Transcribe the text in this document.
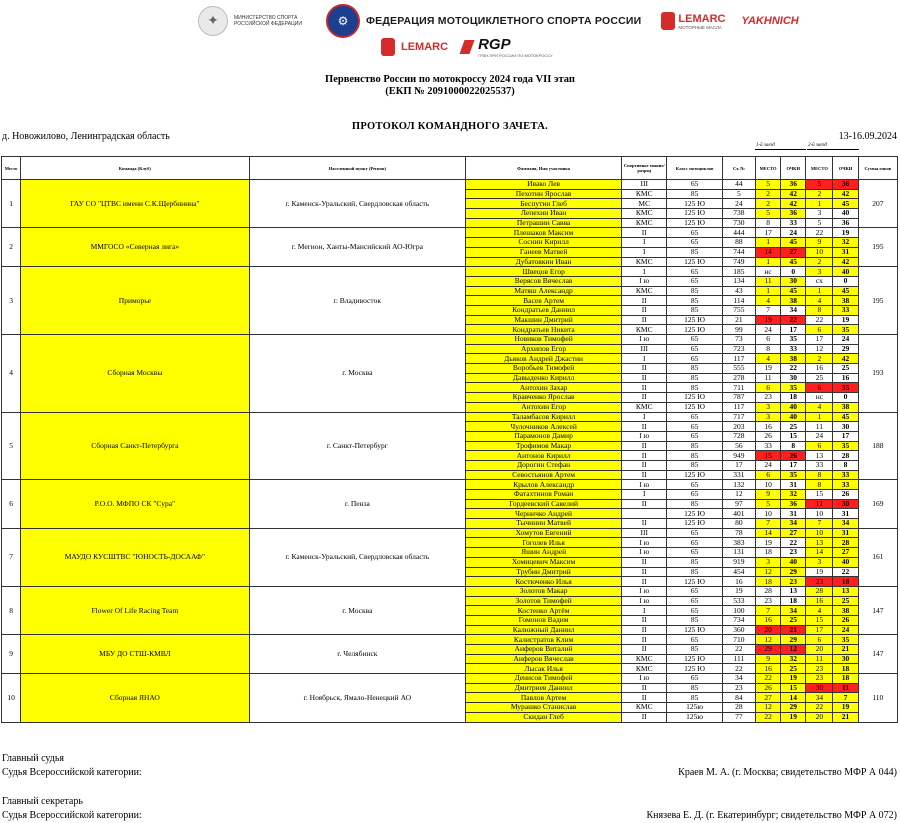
✦	МИНИСТЕРСТВО СПОРТА РОССИЙСКОЙ ФЕДЕРАЦИИ	⚙	ФЕДЕРАЦИЯ МОТОЦИКЛЕТНОГО СПОРТА РОССИИ	LEMARC
МОТОРНЫЕ МАСЛА	YAKHNICH
LEMARC RGP
ГРАН-ПРИ РОССИИ ПО МОТОКРОССУ
Первенство России по мотокроссу 2024 года VII этап
(ЕКП № 2091000022025537)
ПРОТОКОЛ КОМАНДНОГО ЗАЧЕТА.
д. Новожилово, Ленинградская область	13-16.09.2024
1-й заезд	2-й заезд
Место	Команда (Клуб)	Населенный пункт (Регион)	Фамилия, Имя участника	Спортивное звание/разряд	Класс мотоциклов	Ст. №	МЕСТО	ОЧКИ	МЕСТО	ОЧКИ	Сумма очков
1	ГАУ СО "ЦТВС имени С.К.Щербинина"	г. Каменск-Уральский, Свердловская область	Ивако Лев	III	65	44	5	36	5	36	207
			Пехотин Ярослав	КМС	85	5	2	42	2	42	
			Беспутин Глеб	МС	125 Ю	24	2	42	1	45	
			Лепехин Иван	КМС	125 Ю	738	5	36	3	40	
			Петрашин Савва	КМС	125 Ю	730	8	33	5	36	
2	ММГОСО «Северная лига»	г. Мегион, Ханты-Мансийский АО-Югра	Плешаков Максим	II	65	444	17	24	22	19	195
			Соснин Кирилл	I	65	88	1	45	9	32	
			Ганеев Матвей	I	85	744	14	27	10	31	
			Дубатовкин Иван	КМС	125 Ю	749	1	45	2	42	
3	Приморье	г. Владивосток	Швецов Егор	I	65	185	нс	0	3	40	195
			Верясов Вячеслав	I ю	65	134	11	30	сх	0	
			Матяш Александр	КМС	85	43	1	45	1	45	
			Васев Артем	II	85	114	4	38	4	38	
			Кондратьев Даниил	II	85	755	7	34	8	33	
			Макшин Дмитрий	II	125 Ю	21	19	22	22	19	
			Кондратьев Никита	КМС	125 Ю	99	24	17	6	35	
4	Сборная Москвы	г. Москва	Новиков Тимофей	I ю	65	73	6	35	17	24	193
			Архипов Егор	III	65	723	8	33	12	29	
			Дьяков Андрей Джастин	I	65	117	4	38	2	42	
			Воробьев Тимофей	II	85	555	19	22	16	25	
			Давыденко Кирилл	II	85	278	11	30	25	16	
			Антохин Захар	II	85	711	6	35	6	35	
			Кравченко Ярослав	II	125 Ю	787	23	18	нс	0	
			Антохин Егор	КМС	125 Ю	117	3	40	4	38	
5	Сборная Санкт-Петербурга	г. Санкт-Петербург	Таламбасов Кирилл	I	65	717	3	40	1	45	188
			Чулочников Алексей	II	65	203	16	25	11	30	
			Парамонов Дамир	I ю	65	728	26	15	24	17	
			Трофимов Макар	II	85	56	33	8	6	35	
			Антонов Кирилл	II	85	949	15	26	13	28	
			Дорогин Стефан	II	85	17	24	17	33	8	
			Севостьянов Артем	II	125 Ю	331	6	35	8	33	
6	Р.О.О. МФПО СК "Сура"	г. Пенза	Крылов Александр	I ю	65	132	10	31	8	33	169
			Фатахтинов Роман	I	65	12	9	32	15	26	
			Гордеевский Савелий	II	85	97	5	36	11	30	
			Черничко Андрей		125 Ю	401	10	31	10	31	
			Тычинин Матвей	II	125 Ю	80	7	34	7	34	
7	МАУДО КУСШТВС "ЮНОСТЬ-ДОСААФ"	г. Каменск-Уральский, Свердловская область	Хомутов Евгений	III	65	78	14	27	10	31	161
			Гоголев Илья	I ю	65	383	19	22	13	28	
			Яшин Андрей	I ю	65	131	18	23	14	27	
			Хомицевич Максим	II	85	919	3	40	3	40	
			Трубин Дмитрий	II	85	454	12	29	19	22	
			Костюченко Илья	II	125 Ю	16	18	23	23	18	
8	Flower Of Life Racing Team	г. Москва	Золотов Макар	I ю	65	19	28	13	28	13	147
			Золотов Тимофей	I ю	65	533	23	18	16	25	
			Костенко Артём	I	65	100	7	34	4	38	
			Гомонов Вадим	II	85	734	16	25	15	26	
			Калюжный Даниил	II	125 Ю	360	20	21	17	24	
9	МБУ ДО СТШ-КМВЛ	г. Челябинск	Калистратов Клим	II	65	710	12	29	6	35	147
			Анферов Виталий	II	85	22	29	12	20	21	
			Анферов Вячеслав	КМС	125 Ю	111	9	32	11	30	
			Лысак Илья	КМС	125 Ю	22	16	25	23	18	
10	Сборная ЯНАО	г. Ноябрьск, Ямало-Ненецкий АО	Денисов Тимофей	I ю	65	34	22	19	23	18	110
			Дмитриев Даниил	II	85	23	26	15	30	11	
			Павлов Артем	II	85	84	27	14	34	7	
			Мурашко Станислав	КМС	125ю	28	12	29	22	19	
			Скидан Глеб	II	125ю	77	22	19	20	21	
Главный судья
Судья Всероссийской категории:	Краев М. А. (г. Москва; свидетельство МФР А 044)
Главный секретарь
Судья Всероссийской категории:	Князева Е. Д. (г. Екатеринбург; свидетельство МФР А 072)
